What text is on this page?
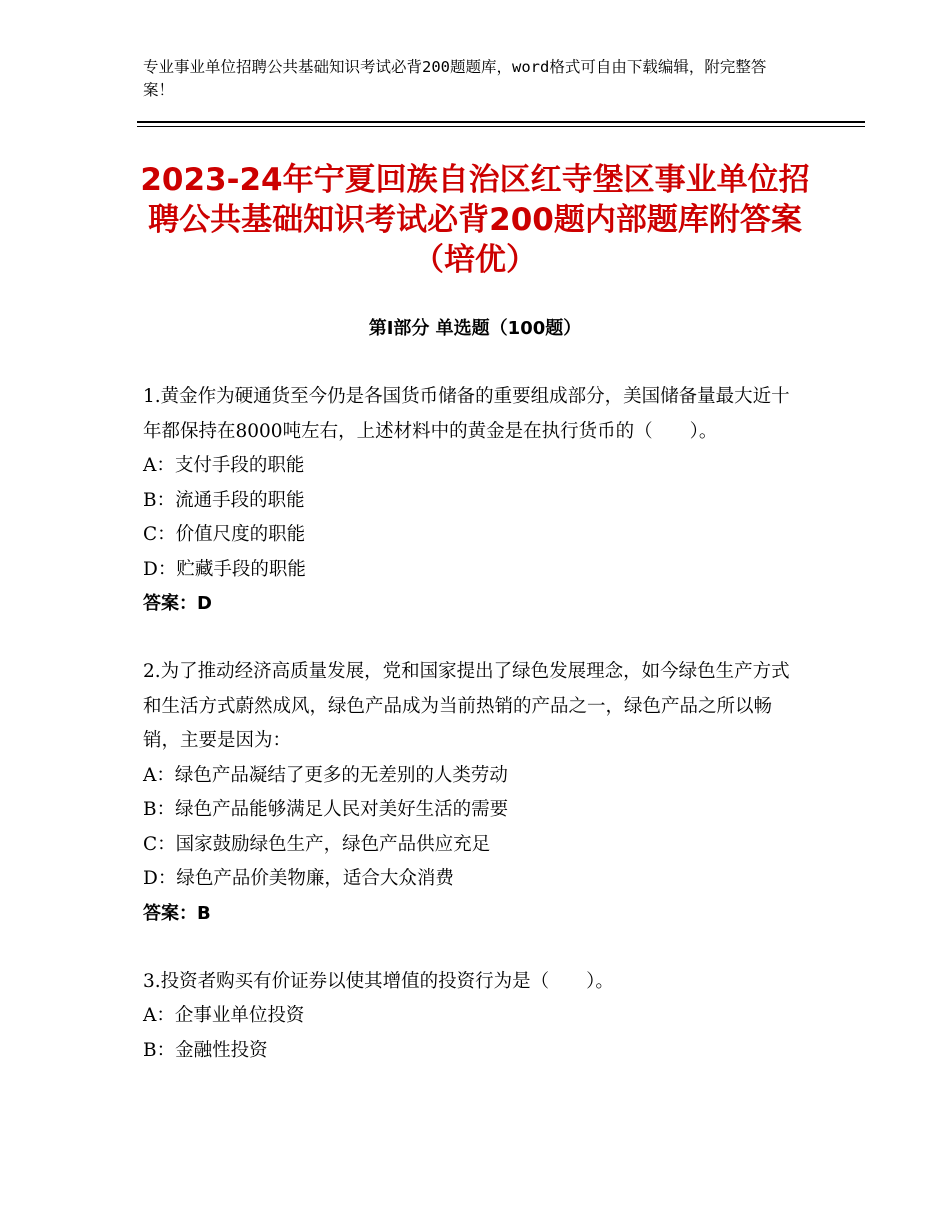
专业事业单位招聘公共基础知识考试必背200题题库，word格式可自由下载编辑，附完整答案！
2023-24年宁夏回族自治区红寺堡区事业单位招聘公共基础知识考试必背200题内部题库附答案（培优）
第Ⅰ部分 单选题（100题）
1.黄金作为硬通货至今仍是各国货币储备的重要组成部分，美国储备量最大近十年都保持在8000吨左右，上述材料中的黄金是在执行货币的（　　）。
A：支付手段的职能
B：流通手段的职能
C：价值尺度的职能
D：贮藏手段的职能
答案：D
2.为了推动经济高质量发展，党和国家提出了绿色发展理念，如今绿色生产方式和生活方式蔚然成风，绿色产品成为当前热销的产品之一，绿色产品之所以畅销，主要是因为：
A：绿色产品凝结了更多的无差别的人类劳动
B：绿色产品能够满足人民对美好生活的需要
C：国家鼓励绿色生产，绿色产品供应充足
D：绿色产品价美物廉，适合大众消费
答案：B
3.投资者购买有价证券以使其增值的投资行为是（　　）。
A：企事业单位投资
B：金融性投资
